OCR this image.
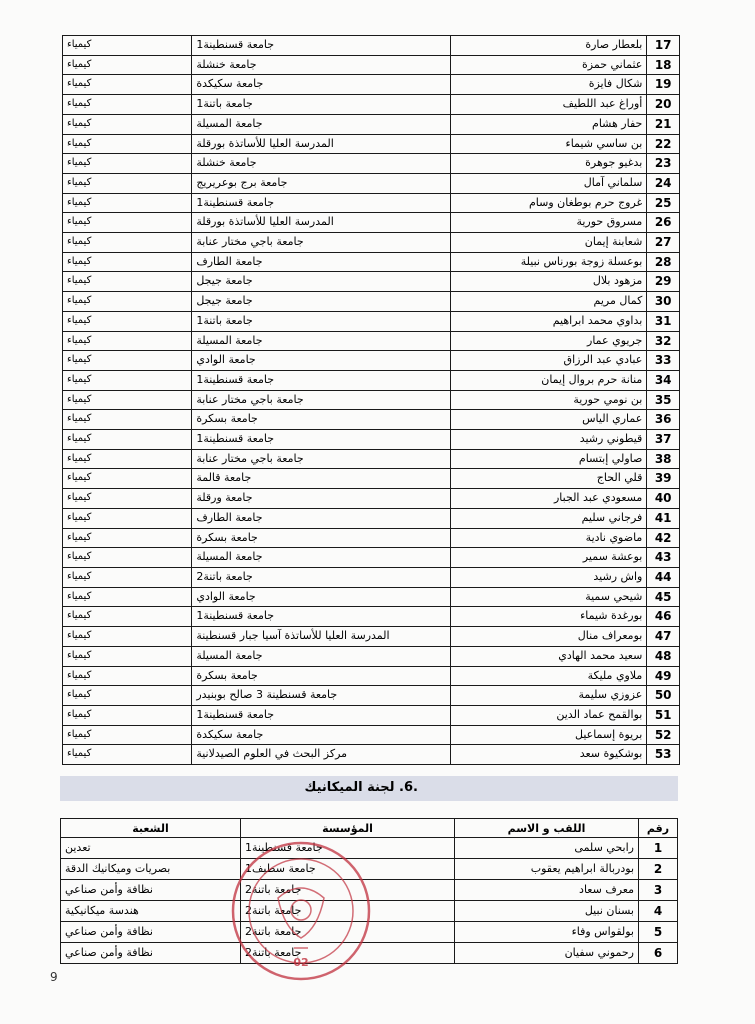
17	بلعطار صارة	جامعة قسنطينة1	كيمياء
18	عثماني حمزة	جامعة خنشلة	كيمياء
19	شكال فايزة	جامعة سكيكدة	كيمياء
20	أوراغ عبد اللطيف	جامعة باتنة1	كيمياء
21	حفار هشام	جامعة المسيلة	كيمياء
22	بن ساسي شيماء	المدرسة العليا للأساتذة بورقلة	كيمياء
23	بدغيو جوهرة	جامعة خنشلة	كيمياء
24	سلماني آمال	جامعة برج بوعريريج	كيمياء
25	غروج حرم بوطغان وسام	جامعة قسنطينة1	كيمياء
26	مسروق حورية	المدرسة العليا للأساتذة بورقلة	كيمياء
27	شعابنة إيمان	جامعة باجي مختار عنابة	كيمياء
28	بوعسلة زوجة بورناس نبيلة	جامعة الطارف	كيمياء
29	مزهود بلال	جامعة جيجل	كيمياء
30	كمال مريم	جامعة جيجل	كيمياء
31	بداوي محمد ابراهيم	جامعة باتنة1	كيمياء
32	جريوي عمار	جامعة المسيلة	كيمياء
33	عبادي عبد الرزاق	جامعة الوادي	كيمياء
34	منانة حرم بروال إيمان	جامعة قسنطينة1	كيمياء
35	بن نومي حورية	جامعة باجي مختار عنابة	كيمياء
36	عماري الياس	جامعة بسكرة	كيمياء
37	قيطوني رشيد	جامعة قسنطينة1	كيمياء
38	صاولي إبتسام	جامعة باجي مختار عنابة	كيمياء
39	قلي الحاج	جامعة قالمة	كيمياء
40	مسعودي عبد الجبار	جامعة ورقلة	كيمياء
41	فرجاني سليم	جامعة الطارف	كيمياء
42	ماضوي نادية	جامعة بسكرة	كيمياء
43	بوعشة سمير	جامعة المسيلة	كيمياء
44	واش رشيد	جامعة باتنة2	كيمياء
45	شيحي سمية	جامعة الوادي	كيمياء
46	بورغدة شيماء	جامعة قسنطينة1	كيمياء
47	بومعراف منال	المدرسة العليا للأساتذة آسيا جبار قسنطينة	كيمياء
48	سعيد محمد الهادي	جامعة المسيلة	كيمياء
49	ملاوي مليكة	جامعة بسكرة	كيمياء
50	عزوزي سليمة	جامعة قسنطينة 3 صالح بوبنيدر	كيمياء
51	بوالقمح عماد الدين	جامعة قسنطينة1	كيمياء
52	بريوة إسماعيل	جامعة سكيكدة	كيمياء
53	بوشكيوة سعد	مركز البحث في العلوم الصيدلانية	كيمياء
.6. لجنة الميكانيك
رقم	اللقب و الاسم	المؤسسة	الشعبة
1	رابحي سلمى	جامعة قسنطينة1	تعدين
2	بودربالة ابراهيم يعقوب	جامعة سطيف1	بصريات وميكانيك الدقة
3	معرف سعاد	جامعة باتنة2	نظافة وأمن صناعي
4	بسنان نبيل	جامعة باتنة2	هندسة ميكانيكية
5	بولقواس وفاء	جامعة باتنة2	نظافة وأمن صناعي
6	رحموني سفيان	جامعة باتنة2	نظافة وأمن صناعي
02
9
